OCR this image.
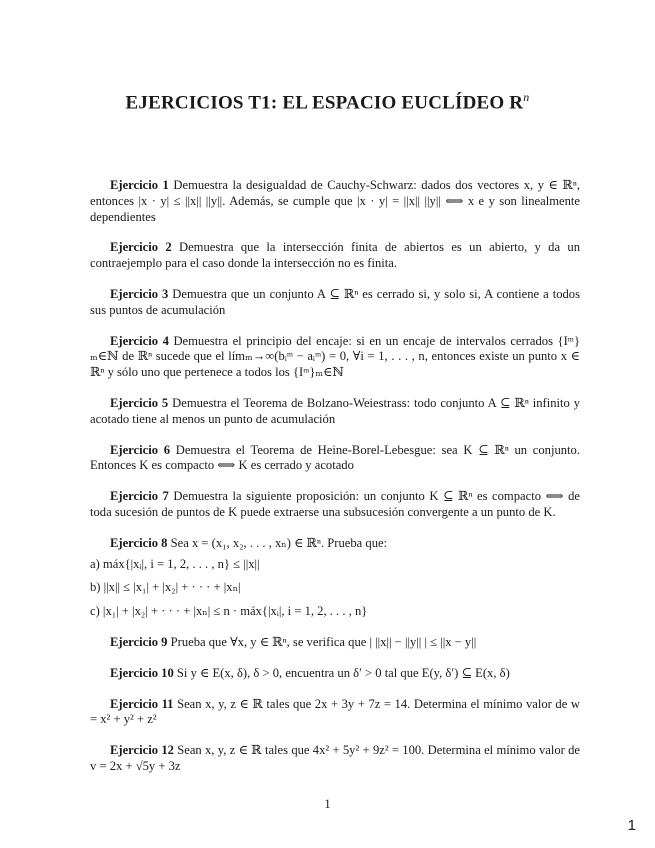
EJERCICIOS T1: EL ESPACIO EUCLÍDEO $R^n$

Ejercicio 1 Demuestra la desigualdad de Cauchy-Schwarz: dados dos vectores x, y ∈ ℝⁿ, entonces |x · y| ≤ ||x|| ||y||. Además, se cumple que |x · y| = ||x|| ||y|| ⟺ x e y son linealmente dependientes

Ejercicio 2 Demuestra que la intersección finita de abiertos es un abierto, y da un contraejemplo para el caso donde la intersección no es finita.

Ejercicio 3 Demuestra que un conjunto A ⊆ ℝⁿ es cerrado si, y solo si, A contiene a todos sus puntos de acumulación

Ejercicio 4 Demuestra el principio del encaje: si en un encaje de intervalos cerrados {Iᵐ}ₘ∈ℕ de ℝⁿ sucede que el límₘ→∞(bᵢᵐ − aᵢᵐ) = 0, ∀i = 1, . . . , n, entonces existe un punto x ∈ ℝⁿ y sólo uno que pertenece a todos los {Iᵐ}ₘ∈ℕ

Ejercicio 5 Demuestra el Teorema de Bolzano-Weiestrass: todo conjunto A ⊆ ℝⁿ infinito y acotado tiene al menos un punto de acumulación

Ejercicio 6 Demuestra el Teorema de Heine-Borel-Lebesgue: sea K ⊆ ℝⁿ un conjunto. Entonces K es compacto ⟺ K es cerrado y acotado

Ejercicio 7 Demuestra la siguiente proposición: un conjunto K ⊆ ℝⁿ es compacto ⟺ de toda sucesión de puntos de K puede extraerse una subsucesión convergente a un punto de K.

Ejercicio 8 Sea x = (x₁, x₂, . . . , xₙ) ∈ ℝⁿ. Prueba que:

a) máx{|xᵢ|, i = 1, 2, . . . , n} ≤ ||x||
b) ||x|| ≤ |x₁| + |x₂| + · · · + |xₙ|
c) |x₁| + |x₂| + · · · + |xₙ| ≤ n · máx{|xᵢ|, i = 1, 2, . . . , n}

Ejercicio 9 Prueba que ∀x, y ∈ ℝⁿ, se verifica que | ||x|| − ||y|| | ≤ ||x − y||

Ejercicio 10 Si y ∈ E(x, δ), δ > 0, encuentra un δ′ > 0 tal que E(y, δ′) ⊆ E(x, δ)

Ejercicio 11 Sean x, y, z ∈ ℝ tales que 2x + 3y + 7z = 14. Determina el mínimo valor de w = x² + y² + z²

Ejercicio 12 Sean x, y, z ∈ ℝ tales que 4x² + 5y² + 9z² = 100. Determina el mínimo valor de v = 2x + √5y + 3z

1
1
